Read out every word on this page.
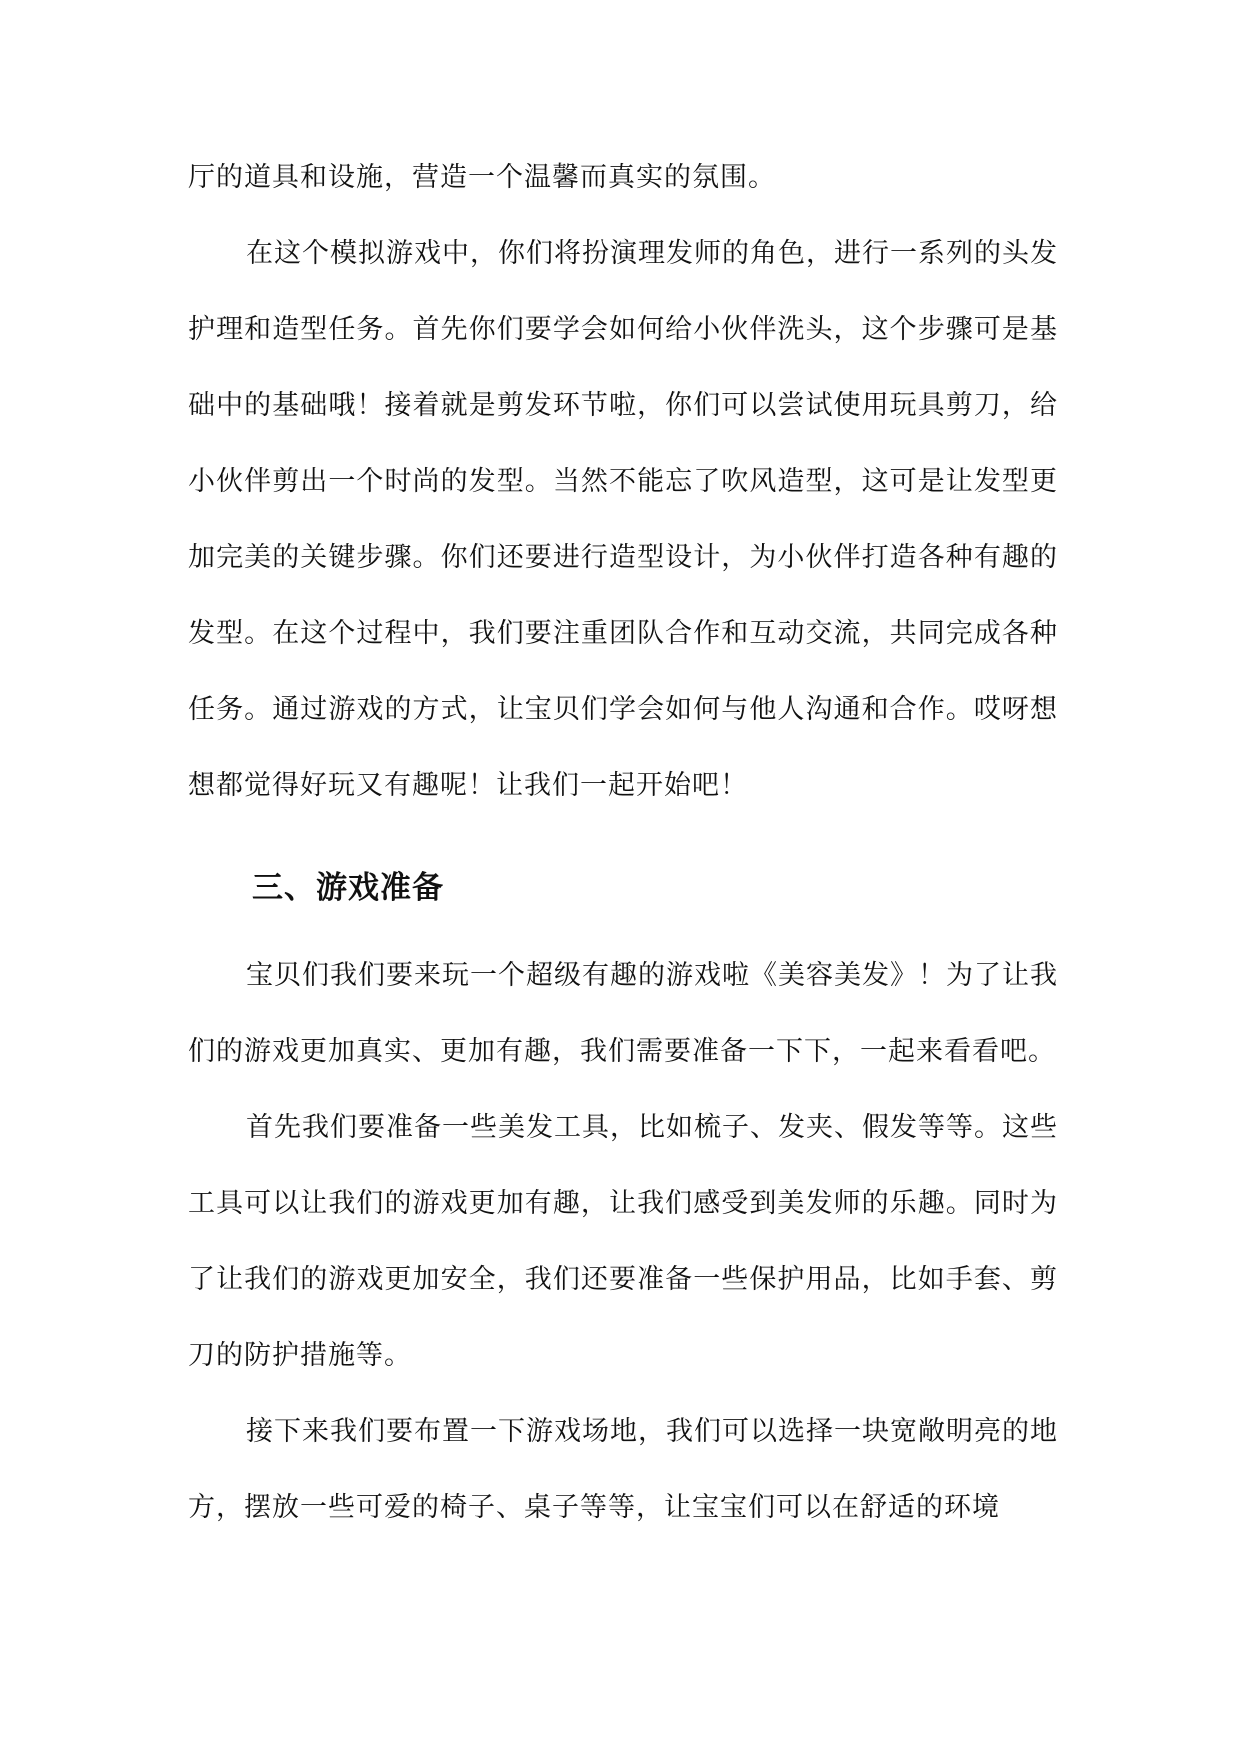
厅的道具和设施，营造一个温馨而真实的氛围。

在这个模拟游戏中，你们将扮演理发师的角色，进行一系列的头发护理和造型任务。首先你们要学会如何给小伙伴洗头，这个步骤可是基础中的基础哦！接着就是剪发环节啦，你们可以尝试使用玩具剪刀，给小伙伴剪出一个时尚的发型。当然不能忘了吹风造型，这可是让发型更加完美的关键步骤。你们还要进行造型设计，为小伙伴打造各种有趣的发型。在这个过程中，我们要注重团队合作和互动交流，共同完成各种任务。通过游戏的方式，让宝贝们学会如何与他人沟通和合作。哎呀想想都觉得好玩又有趣呢！让我们一起开始吧！

三、游戏准备

宝贝们我们要来玩一个超级有趣的游戏啦《美容美发》！为了让我们的游戏更加真实、更加有趣，我们需要准备一下下，一起来看看吧。

首先我们要准备一些美发工具，比如梳子、发夹、假发等等。这些工具可以让我们的游戏更加有趣，让我们感受到美发师的乐趣。同时为了让我们的游戏更加安全，我们还要准备一些保护用品，比如手套、剪刀的防护措施等。

接下来我们要布置一下游戏场地，我们可以选择一块宽敞明亮的地方，摆放一些可爱的椅子、桌子等等，让宝宝们可以在舒适的环境
